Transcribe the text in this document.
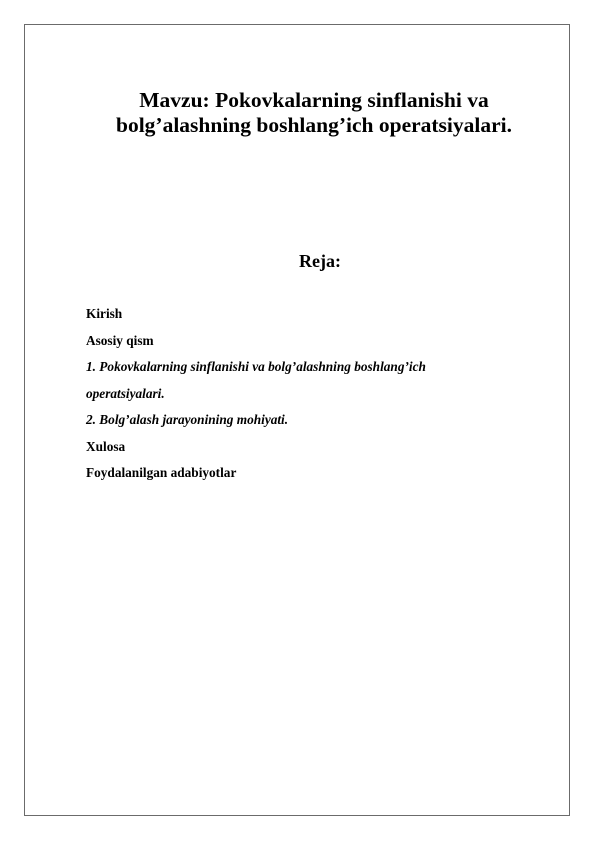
Mavzu: Pokovkalarning sinflanishi va
bolg’alashning boshlang’ich operatsiyalari.
Reja:
Kirish
Asosiy qism
1. Pokovkalarning sinflanishi va bolg’alashning boshlang’ich
operatsiyalari.
2. Bolg’alash jarayonining mohiyati.
Xulosa
Foydalanilgan adabiyotlar
